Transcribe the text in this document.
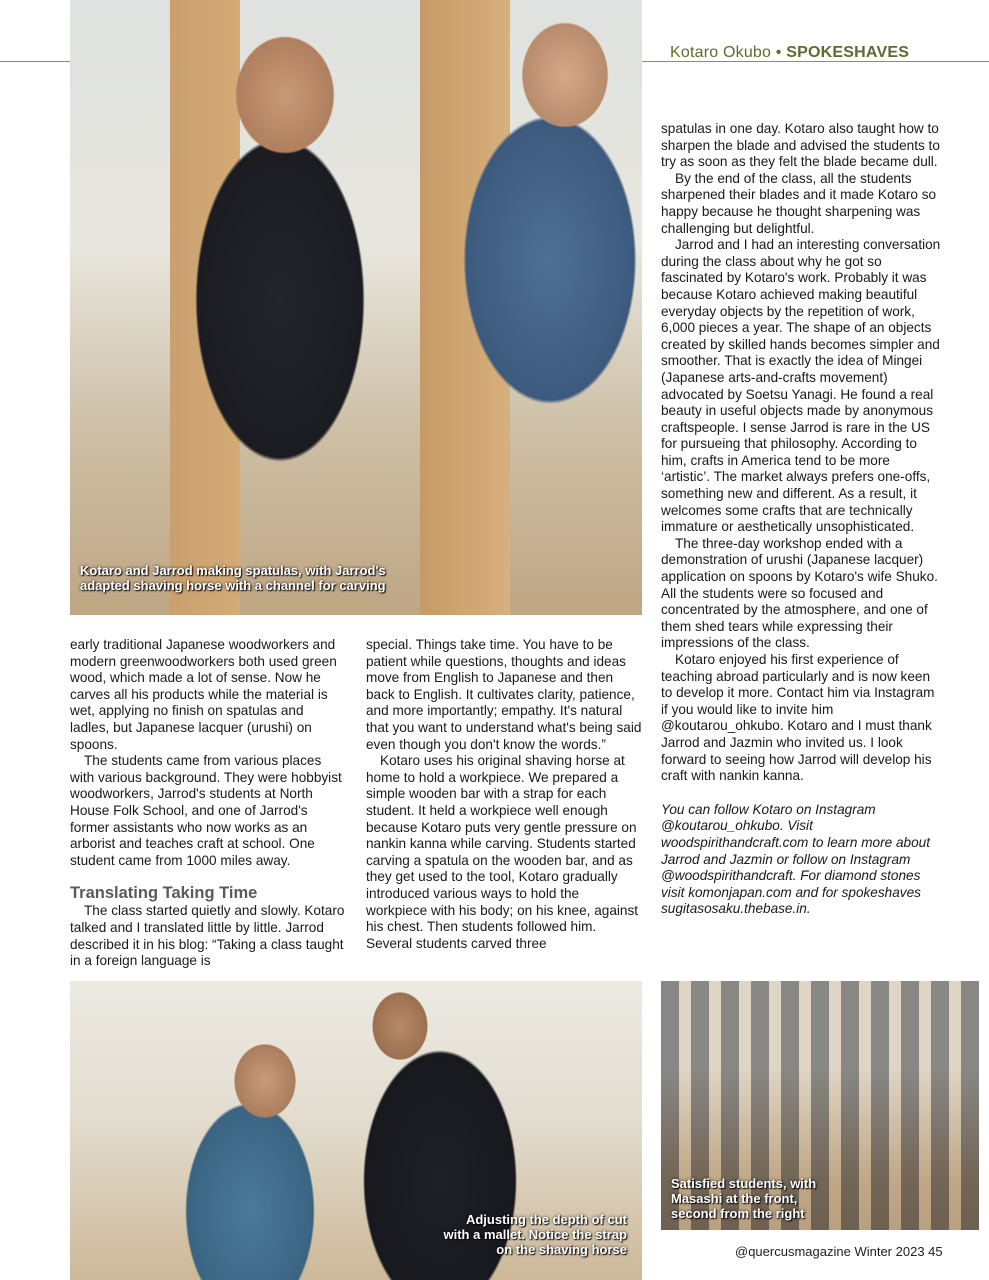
Kotaro Okubo • SPOKESHAVES
Kotaro and Jarrod making spatulas, with Jarrod's adapted shaving horse with a channel for carving

early traditional Japanese woodworkers and modern greenwoodworkers both used green wood, which made a lot of sense. Now he carves all his products while the material is wet, applying no finish on spatulas and ladles, but Japanese lacquer (urushi) on spoons.

The students came from various places with various background. They were hobbyist woodworkers, Jarrod's students at North House Folk School, and one of Jarrod's former assistants who now works as an arborist and teaches craft at school. One student came from 1000 miles away.

Translating Taking Time

The class started quietly and slowly. Kotaro talked and I translated little by little. Jarrod described it in his blog: “Taking a class taught in a foreign language is

special. Things take time. You have to be patient while questions, thoughts and ideas move from English to Japanese and then back to English. It cultivates clarity, patience, and more importantly; empathy. It's natural that you want to understand what's being said even though you don't know the words.”

Kotaro uses his original shaving horse at home to hold a workpiece. We prepared a simple wooden bar with a strap for each student. It held a workpiece well enough because Kotaro puts very gentle pressure on nankin kanna while carving. Students started carving a spatula on the wooden bar, and as they get used to the tool, Kotaro gradually introduced various ways to hold the workpiece with his body; on his knee, against his chest. Then students followed him. Several students carved three

spatulas in one day. Kotaro also taught how to sharpen the blade and advised the students to try as soon as they felt the blade became dull.

By the end of the class, all the students sharpened their blades and it made Kotaro so happy because he thought sharpening was challenging but delightful.

Jarrod and I had an interesting conversation during the class about why he got so fascinated by Kotaro's work. Probably it was because Kotaro achieved making beautiful everyday objects by the repetition of work, 6,000 pieces a year. The shape of an objects created by skilled hands becomes simpler and smoother. That is exactly the idea of Mingei (Japanese arts-and-crafts movement) advocated by Soetsu Yanagi. He found a real beauty in useful objects made by anonymous craftspeople. I sense Jarrod is rare in the US for pursueing that philosophy. According to him, crafts in America tend to be more ‘artistic’. The market always prefers one-offs, something new and different. As a result, it welcomes some crafts that are technically immature or aesthetically unsophisticated.

The three-day workshop ended with a demonstration of urushi (Japanese lacquer) application on spoons by Kotaro's wife Shuko. All the students were so focused and concentrated by the atmosphere, and one of them shed tears while expressing their impressions of the class.

Kotaro enjoyed his first experience of teaching abroad particularly and is now keen to develop it more. Contact him via Instagram if you would like to invite him @koutarou_ohkubo. Kotaro and I must thank Jarrod and Jazmin who invited us. I look forward to seeing how Jarrod will develop his craft with nankin kanna.

You can follow Kotaro on Instagram @koutarou_ohkubo. Visit woodspirithandcraft.com to learn more about Jarrod and Jazmin or follow on Instagram @woodspirithandcraft. For diamond stones visit komonjapan.com and for spokeshaves sugitasosaku.thebase.in.

Adjusting the depth of cut with a mallet. Notice the strap on the shaving horse
Satisfied students, with Masashi at the front, second from the right
@quercusmagazine Winter 2023 45
